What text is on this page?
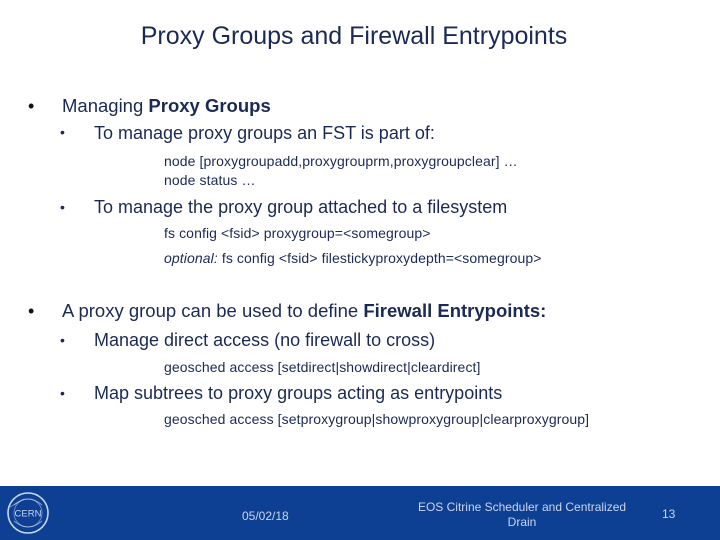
Proxy Groups and Firewall Entrypoints
• Managing Proxy Groups
• To manage proxy groups an FST is part of:
node [proxygroupadd,proxygrouprm,proxygroupclear] …
node status …
• To manage the proxy group attached to a filesystem
fs config <fsid> proxygroup=<somegroup>
optional: fs config <fsid> filestickyproxydepth=<somegroup>
• A proxy group can be used to define Firewall Entrypoints:
• Manage direct access (no firewall to cross)
geosched access [setdirect|showdirect|cleardirect]
• Map subtrees to proxy groups acting as entrypoints
geosched access [setproxygroup|showproxygroup|clearproxygroup]
CERN	05/02/18
EOS Citrine Scheduler and Centralized
Drain
13
